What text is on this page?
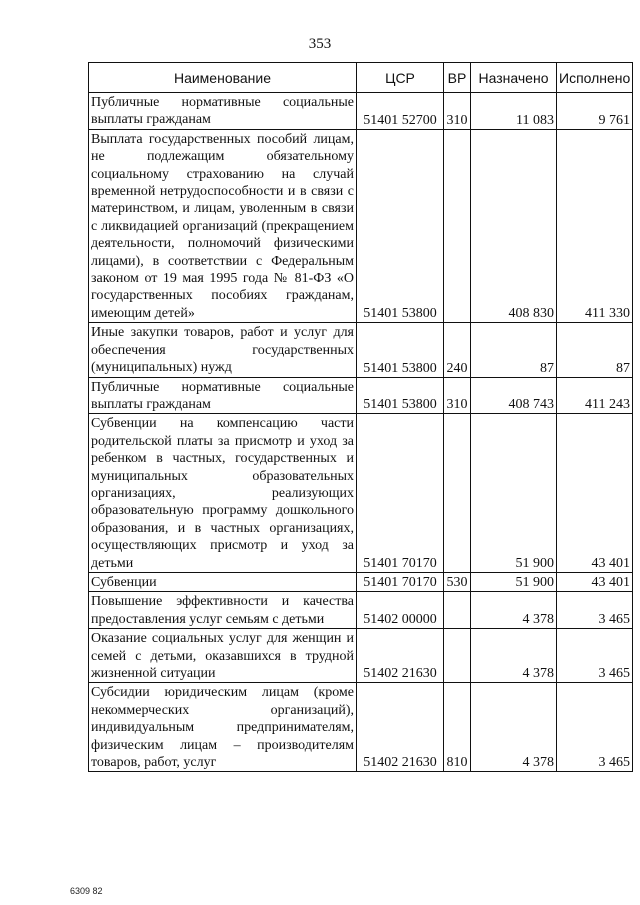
353
Наименование	ЦСР	ВР	Назначено	Исполнено
Публичные нормативные социальные выплаты гражданам	51401 52700	310	11 083	9 761
Выплата государственных пособий лицам, не подлежащим обязательному социальному страхованию на случай временной нетрудоспособности и в связи с материнством, и лицам, уволенным в связи с ликвидацией организаций (прекращением деятельности, полномочий физическими лицами), в соответствии с Федеральным законом от 19 мая 1995 года № 81-ФЗ «О государственных пособиях гражданам, имеющим детей»	51401 53800		408 830	411 330
Иные закупки товаров, работ и услуг для обеспечения государственных (муниципальных) нужд	51401 53800	240	87	87
Публичные нормативные социальные выплаты гражданам	51401 53800	310	408 743	411 243
Субвенции на компенсацию части родительской платы за присмотр и уход за ребенком в частных, государственных и муниципальных образовательных организациях, реализующих образовательную программу дошкольного образования, и в частных организациях, осуществляющих присмотр и уход за детьми	51401 70170		51 900	43 401
Субвенции	51401 70170	530	51 900	43 401
Повышение эффективности и качества предоставления услуг семьям с детьми	51402 00000		4 378	3 465
Оказание социальных услуг для женщин и семей с детьми, оказавшихся в трудной жизненной ситуации	51402 21630		4 378	3 465
Субсидии юридическим лицам (кроме некоммерческих организаций), индивидуальным предпринимателям, физическим лицам – производителям товаров, работ, услуг	51402 21630	810	4 378	3 465
6309 82
